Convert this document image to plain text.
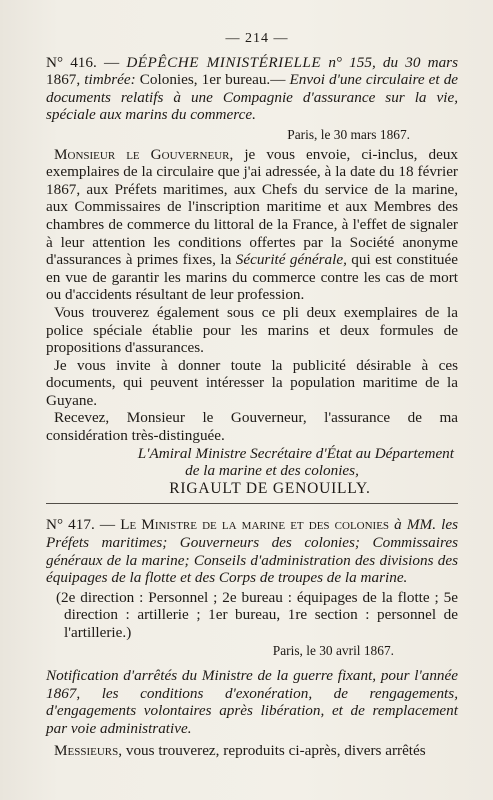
— 214 —

N° 416. — DÉPÊCHE MINISTÉRIELLE n° 155, du 30 mars 1867, timbrée: Colonies, 1er bureau.— Envoi d'une circulaire et de documents relatifs à une Compagnie d'assurance sur la vie, spéciale aux marins du commerce.

Paris, le 30 mars 1867.

Monsieur le Gouverneur, je vous envoie, ci-inclus, deux exemplaires de la circulaire que j'ai adressée, à la date du 18 février 1867, aux Préfets maritimes, aux Chefs du service de la marine, aux Commissaires de l'inscription maritime et aux Membres des chambres de commerce du littoral de la France, à l'effet de signaler à leur attention les conditions offertes par la Société anonyme d'assurances à primes fixes, la Sécurité générale, qui est constituée en vue de garantir les marins du commerce contre les cas de mort ou d'accidents résultant de leur profession.

Vous trouverez également sous ce pli deux exemplaires de la police spéciale établie pour les marins et deux formules de propositions d'assurances.

Je vous invite à donner toute la publicité désirable à ces documents, qui peuvent intéresser la population maritime de la Guyane.

Recevez, Monsieur le Gouverneur, l'assurance de ma considération très-distinguée.

L'Amiral Ministre Secrétaire d'État au Département

de la marine et des colonies,

RIGAULT DE GENOUILLY.

N° 417. — Le Ministre de la marine et des colonies à MM. les Préfets maritimes; Gouverneurs des colonies; Commissaires généraux de la marine; Conseils d'administration des divisions des équipages de la flotte et des Corps de troupes de la marine.

(2e direction : Personnel ; 2e bureau : équipages de la flotte ; 5e direction : artillerie ; 1er bureau, 1re section : personnel de l'artillerie.)

Paris, le 30 avril 1867.

Notification d'arrêtés du Ministre de la guerre fixant, pour l'année 1867, les conditions d'exonération, de rengagements, d'engagements volontaires après libération, et de remplacement par voie administrative.

Messieurs, vous trouverez, reproduits ci-après, divers arrêtés
